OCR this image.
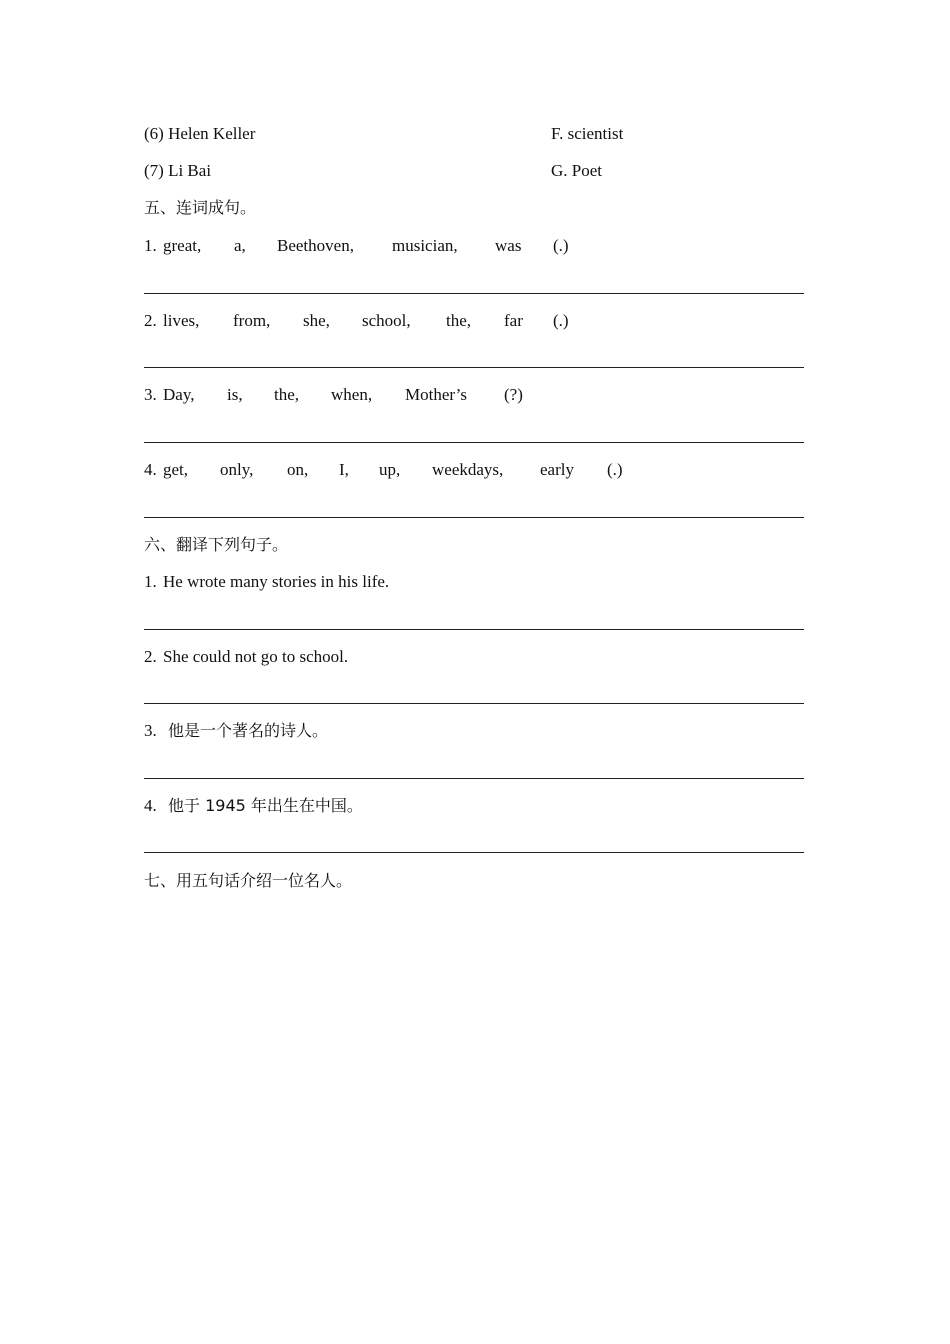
(6) Helen Keller	F. scientist
(7) Li Bai	G. Poet
五、连词成句。
1. great, a, Beethoven, musician, was (.)
2. lives, from, she, school, the, far (.)
3. Day, is, the, when, Mother’s (?)
4. get, only, on, I, up, weekdays, early (.)
六、翻译下列句子。
1. He wrote many stories in his life.
2. She could not go to school.
3. 他是一个著名的诗人。
4. 他于 1945 年出生在中国。
七、用五句话介绍一位名人。
